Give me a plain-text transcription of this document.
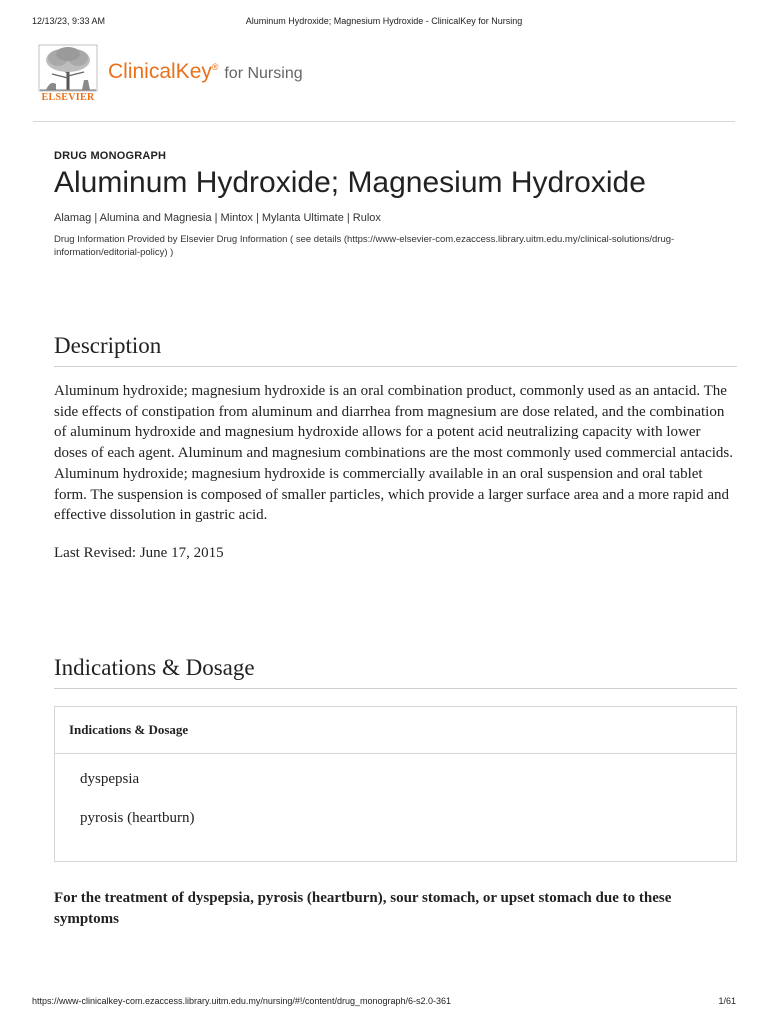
12/13/23, 9:33 AM	Aluminum Hydroxide; Magnesium Hydroxide - ClinicalKey for Nursing
ELSEVIER
ClinicalKey® for Nursing

DRUG MONOGRAPH

Aluminum Hydroxide; Magnesium Hydroxide
Alamag | Alumina and Magnesia | Mintox | Mylanta Ultimate | Rulox
Drug Information Provided by Elsevier Drug Information ( see details (https://www-elsevier-com.ezaccess.library.uitm.edu.my/clinical-solutions/drug-information/editorial-policy) )
Description

Aluminum hydroxide; magnesium hydroxide is an oral combination product, commonly used as an antacid. The side effects of constipation from aluminum and diarrhea from magnesium are dose related, and the combination of aluminum hydroxide and magnesium hydroxide allows for a potent acid neutralizing capacity with lower doses of each agent. Aluminum and magnesium combinations are the most commonly used commercial antacids. Aluminum hydroxide; magnesium hydroxide is commercially available in an oral suspension and oral tablet form. The suspension is composed of smaller particles, which provide a larger surface area and a more rapid and effective dissolution in gastric acid.

Last Revised: June 17, 2015

Indications & Dosage
Indications & Dosage
dyspepsia
pyrosis (heartburn)

For the treatment of dyspepsia, pyrosis (heartburn), sour stomach, or upset stomach due to these symptoms

https://www-clinicalkey-com.ezaccess.library.uitm.edu.my/nursing/#!/content/drug_monograph/6-s2.0-361	1/61
